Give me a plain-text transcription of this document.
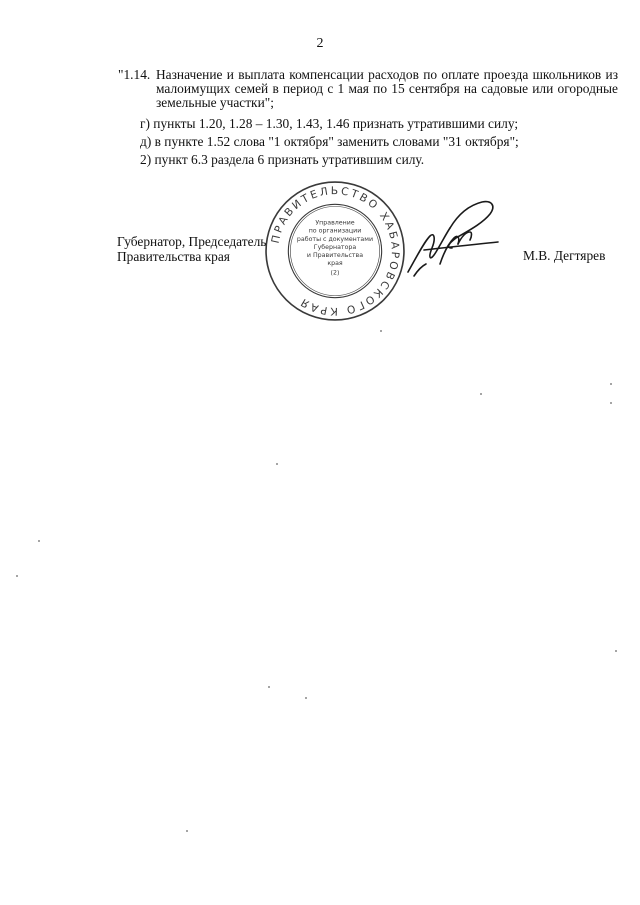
2
"1.14. Назначение и выплата компенсации расходов по оплате проезда школьников из малоимущих семей в период с 1 мая по 15 сентября на садовые или огородные земельные участки";
г) пункты 1.20, 1.28 – 1.30, 1.43, 1.46 признать утратившими силу;
д) в пункте 1.52 слова "1 октября" заменить словами "31 октября";
2) пункт 6.3 раздела 6 признать утратившим силу.
Губернатор, Председатель
Правительства края
ПРАВИТЕЛЬСТВО ХАБАРОВСКОГО КРАЯ
Управление
по организации
работы с документами
Губернатора
и Правительства
края
(2)
М.В. Дегтярев
